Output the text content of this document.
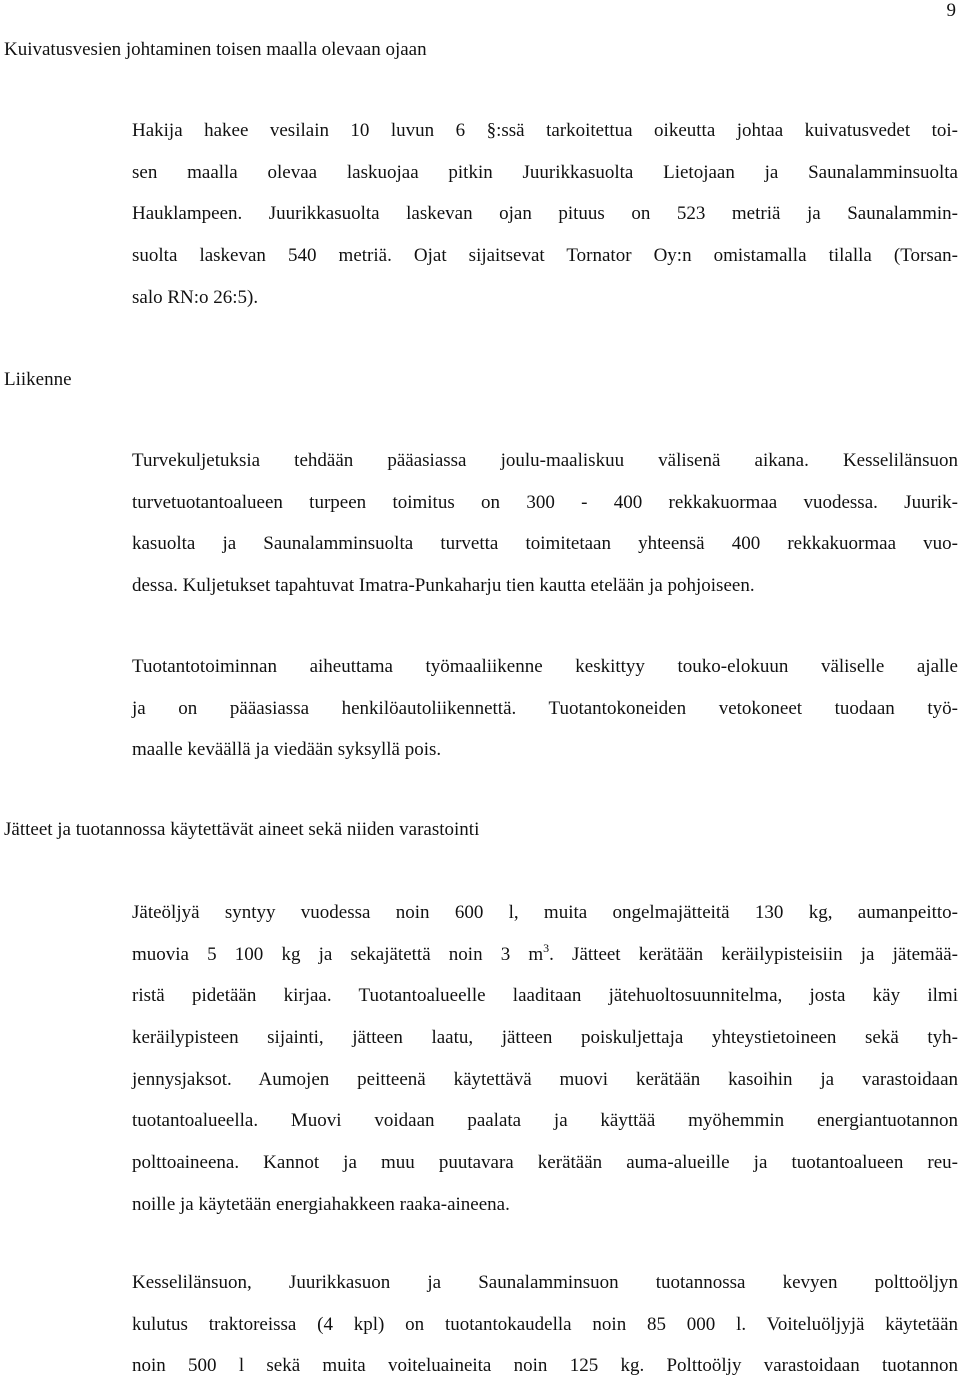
9
Kuivatusvesien johtaminen toisen maalla olevaan ojaan
Hakija hakee vesilain 10 luvun 6 §:ssä tarkoitettua oikeutta johtaa kuivatusvedet toi-
sen maalla olevaa laskuojaa pitkin Juurikkasuolta Lietojaan ja Saunalamminsuolta
Hauklampeen. Juurikkasuolta laskevan ojan pituus on 523 metriä ja Saunalammin-
suolta laskevan 540 metriä. Ojat sijaitsevat Tornator Oy:n omistamalla tilalla (Torsan-
salo RN:o 26:5).
Liikenne
Turvekuljetuksia tehdään pääasiassa joulu-maaliskuu välisenä aikana. Kesselilänsuon
turvetuotantoalueen turpeen toimitus on 300 - 400 rekkakuormaa vuodessa. Juurik-
kasuolta ja Saunalamminsuolta turvetta toimitetaan yhteensä 400 rekkakuormaa vuo-
dessa. Kuljetukset tapahtuvat Imatra-Punkaharju tien kautta etelään ja pohjoiseen.
Tuotantotoiminnan aiheuttama työmaaliikenne keskittyy touko-elokuun väliselle ajalle
ja on pääasiassa henkilöautoliikennettä. Tuotantokoneiden vetokoneet tuodaan työ-
maalle keväällä ja viedään syksyllä pois.
Jätteet ja tuotannossa käytettävät aineet sekä niiden varastointi
Jäteöljyä syntyy vuodessa noin 600 l, muita ongelmajätteitä 130 kg, aumanpeitto-
muovia 5 100 kg ja sekajätettä noin 3 $m^3$. Jätteet kerätään keräilypisteisiin ja jätemää-
ristä pidetään kirjaa. Tuotantoalueelle laaditaan jätehuoltosuunnitelma, josta käy ilmi
keräilypisteen sijainti, jätteen laatu, jätteen poiskuljettaja yhteystietoineen sekä tyh-
jennysjaksot. Aumojen peitteenä käytettävä muovi kerätään kasoihin ja varastoidaan
tuotantoalueella. Muovi voidaan paalata ja käyttää myöhemmin energiantuotannon
polttoaineena. Kannot ja muu puutavara kerätään auma-alueille ja tuotantoalueen reu-
noille ja käytetään energiahakkeen raaka-aineena.
Kesselilänsuon, Juurikkasuon ja Saunalamminsuon tuotannossa kevyen polttoöljyn
kulutus traktoreissa (4 kpl) on tuotantokaudella noin 85 000 l. Voiteluöljyjä käytetään
noin 500 l sekä muita voiteluaineita noin 125 kg. Polttoöljy varastoidaan tuotannon
